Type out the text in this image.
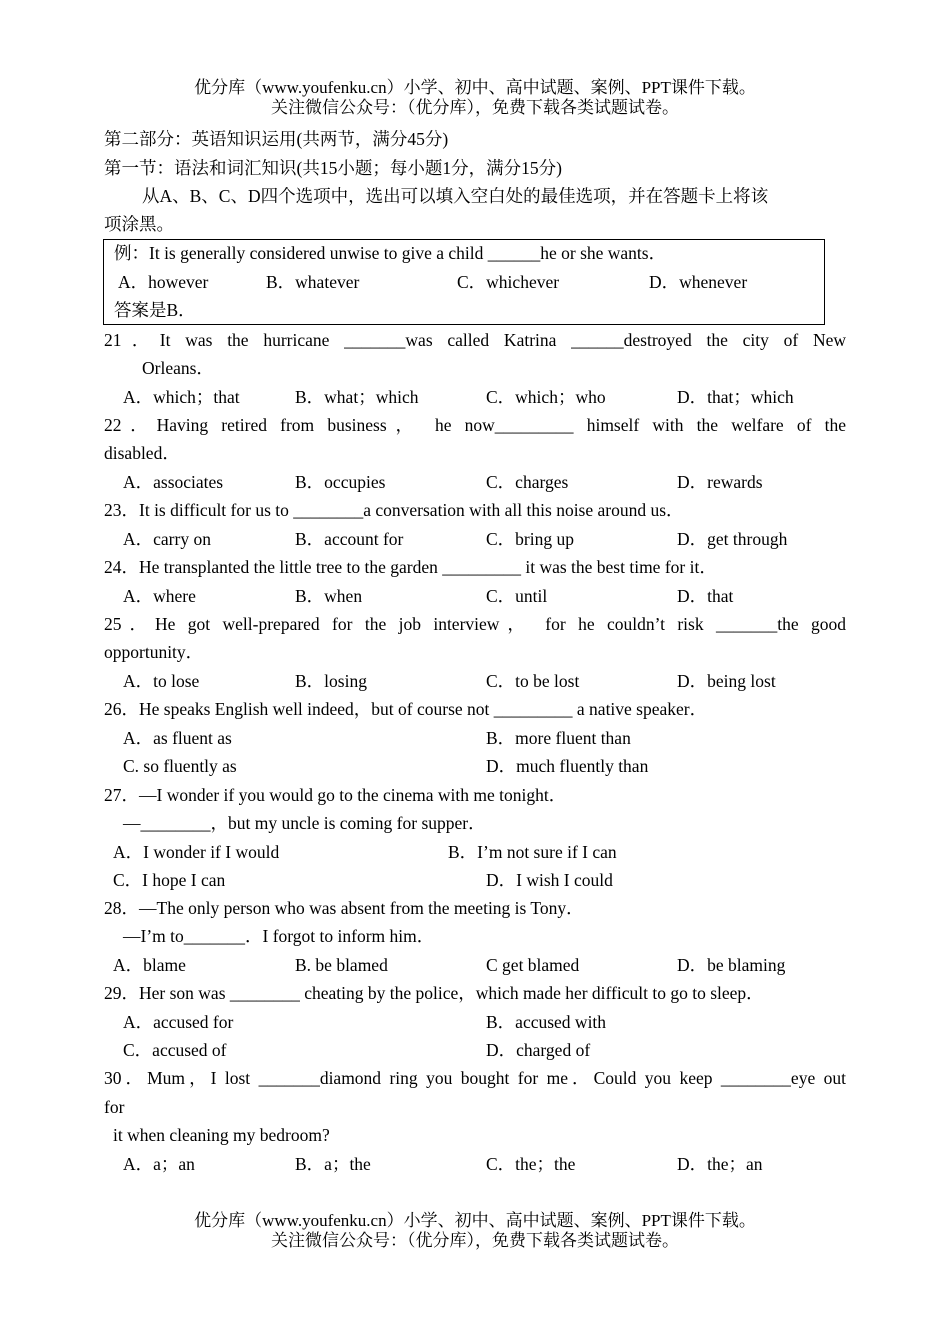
优分库（www.youfenku.cn）小学、初中、高中试题、案例、PPT课件下载。
关注微信公众号：（优分库），免费下载各类试题试卷。
第二部分：英语知识运用(共两节，满分45分)
第一节：语法和词汇知识(共15小题；每小题1分，满分15分)
从A、B、C、D四个选项中，选出可以填入空白处的最佳选项，并在答题卡上将该
项涂黑。
例：It is generally considered unwise to give a child ______he or she wants．
A．however	B．whatever	C．whichever	D．whenever
答案是B．
21．It was the hurricane _______was called Katrina ______destroyed the city of New
Orleans．
A．which；that	B．what；which	C．which；who	D．that；which
22．Having retired from business， he now_________ himself with the welfare of the
disabled．
A．associates	B．occupies	C．charges	D．rewards
23．It is difficult for us to ________a conversation with all this noise around us．
A．carry on	B．account for	C．bring up	D．get through
24．He transplanted the little tree to the garden _________ it was the best time for it．
A．where	B．when	C．until	D．that
25．He got well-prepared for the job interview， for he couldn’t risk _______the good
opportunity．
A．to lose	B．losing	C．to be lost	D．being lost
26．He speaks English well indeed，but of course not _________ a native speaker．
A．as fluent as	B．more fluent than
C. so fluently as	D．much fluently than
27．—I wonder if you would go to the cinema with me tonight．
—________，but my uncle is coming for supper．
A．I wonder if I would	B．I’m not sure if I can
C．I hope I can	D．I wish I could
28．—The only person who was absent from the meeting is Tony．
—I’m to_______．I forgot to inform him．
A．blame	B. be blamed	C get blamed	D．be blaming
29．Her son was ________ cheating by the police，which made her difficult to go to sleep．
A．accused for	B．accused with
C．accused of	D．charged of
30．Mum，I lost _______diamond ring you bought for me．Could you keep ________eye out
for
it when cleaning my bedroom?
A．a；an	B．a；the	C．the；the	D．the；an
优分库（www.youfenku.cn）小学、初中、高中试题、案例、PPT课件下载。
关注微信公众号：（优分库），免费下载各类试题试卷。
